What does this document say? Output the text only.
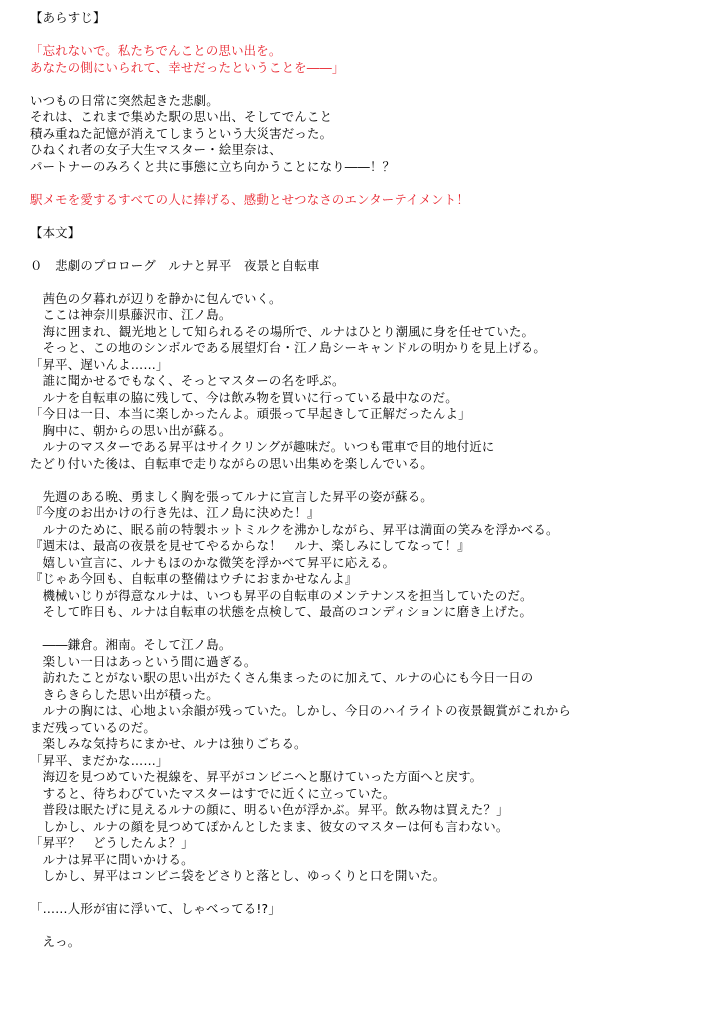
【あらすじ】
「忘れないで。私たちでんことの思い出を。
あなたの側にいられて、幸せだったということを――」
いつもの日常に突然起きた悲劇。
それは、これまで集めた駅の思い出、そしてでんこと
積み重ねた記憶が消えてしまうという大災害だった。
ひねくれ者の女子大生マスター・絵里奈は、
パートナーのみろくと共に事態に立ち向かうことになり――！？
駅メモを愛するすべての人に捧げる、感動とせつなさのエンターテイメント！
【本文】
０　悲劇のプロローグ　ルナと昇平　夜景と自転車
　茜色の夕暮れが辺りを静かに包んでいく。
　ここは神奈川県藤沢市、江ノ島。
　海に囲まれ、観光地として知られるその場所で、ルナはひとり潮風に身を任せていた。
　そっと、この地のシンボルである展望灯台・江ノ島シーキャンドルの明かりを見上げる。
「昇平、遅いんよ……」
　誰に聞かせるでもなく、そっとマスターの名を呼ぶ。
　ルナを自転車の脇に残して、今は飲み物を買いに行っている最中なのだ。
「今日は一日、本当に楽しかったんよ。頑張って早起きして正解だったんよ」
　胸中に、朝からの思い出が蘇る。
　ルナのマスターである昇平はサイクリングが趣味だ。いつも電車で目的地付近に
たどり付いた後は、自転車で走りながらの思い出集めを楽しんでいる。
　先週のある晩、勇ましく胸を張ってルナに宣言した昇平の姿が蘇る。
『今度のお出かけの行き先は、江ノ島に決めた！』
　ルナのために、眠る前の特製ホットミルクを沸かしながら、昇平は満面の笑みを浮かべる。
『週末は、最高の夜景を見せてやるからな！　ルナ、楽しみにしてなって！』
　嬉しい宣言に、ルナもほのかな微笑を浮かべて昇平に応える。
『じゃあ今回も、自転車の整備はウチにおまかせなんよ』
　機械いじりが得意なルナは、いつも昇平の自転車のメンテナンスを担当していたのだ。
　そして昨日も、ルナは自転車の状態を点検して、最高のコンディションに磨き上げた。
　――鎌倉。湘南。そして江ノ島。
　楽しい一日はあっという間に過ぎる。
　訪れたことがない駅の思い出がたくさん集まったのに加えて、ルナの心にも今日一日の
　きらきらした思い出が積った。
　ルナの胸には、心地よい余韻が残っていた。しかし、今日のハイライトの夜景観賞がこれから
まだ残っているのだ。
　楽しみな気持ちにまかせ、ルナは独りごちる。
「昇平、まだかな……」
　海辺を見つめていた視線を、昇平がコンビニへと駆けていった方面へと戻す。
　すると、待ちわびていたマスターはすでに近くに立っていた。
　普段は眠たげに見えるルナの顔に、明るい色が浮かぶ。昇平。飲み物は買えた？」
　しかし、ルナの顔を見つめてぽかんとしたまま、彼女のマスターは何も言わない。
「昇平？　どうしたんよ？」
　ルナは昇平に問いかける。
　しかし、昇平はコンビニ袋をどさりと落とし、ゆっくりと口を開いた。
「……人形が宙に浮いて、しゃべってる!?」
　えっ。
